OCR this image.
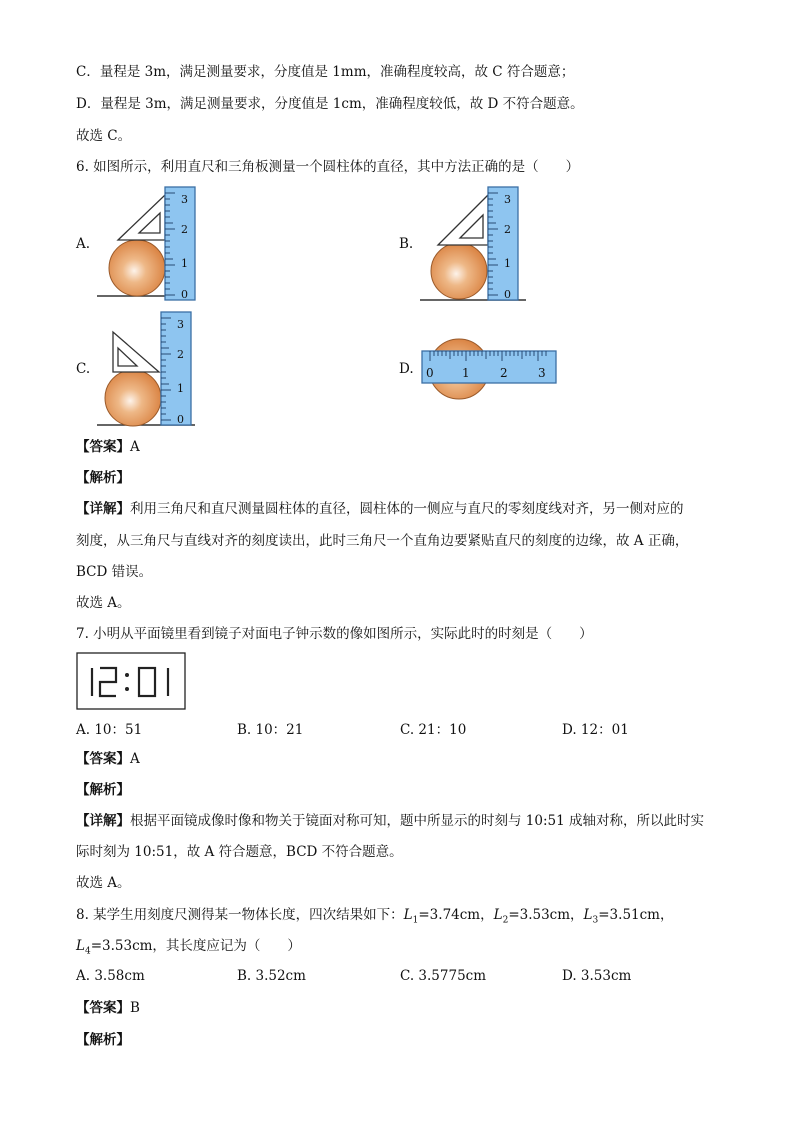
C．量程是 3m，满足测量要求，分度值是 1mm，准确程度较高，故 C 符合题意；
D．量程是 3m，满足测量要求，分度值是 1cm，准确程度较低，故 D 不符合题意。
故选 C。
6. 如图所示，利用直尺和三角板测量一个圆柱体的直径，其中方法正确的是（　　）
A.
3
2
1
0
B.
3
2
1
0
C.
3
2
1
0
D. 0 1	2	3
【答案】A
【解析】
【详解】利用三角尺和直尺测量圆柱体的直径，圆柱体的一侧应与直尺的零刻度线对齐，另一侧对应的
刻度，从三角尺与直线对齐的刻度读出，此时三角尺一个直角边要紧贴直尺的刻度的边缘，故 A 正确，
BCD 错误。
故选 A。
7. 小明从平面镜里看到镜子对面电子钟示数的像如图所示，实际此时的时刻是（　　）
A. 10：51	B. 10：21	C. 21：10	D. 12：01
【答案】A
【解析】
【详解】根据平面镜成像时像和物关于镜面对称可知，题中所显示的时刻与 10:51 成轴对称，所以此时实
际时刻为 10:51，故 A 符合题意，BCD 不符合题意。
故选 A。
8. 某学生用刻度尺测得某一物体长度，四次结果如下：$L_1=3.74cm$，$L_2=3.53cm$，$L_3=3.51cm$，
$L_4=3.53cm$，其长度应记为（　　）
A. 3.58cm	B. 3.52cm	C. 3.5775cm	D. 3.53cm
【答案】B
【解析】
